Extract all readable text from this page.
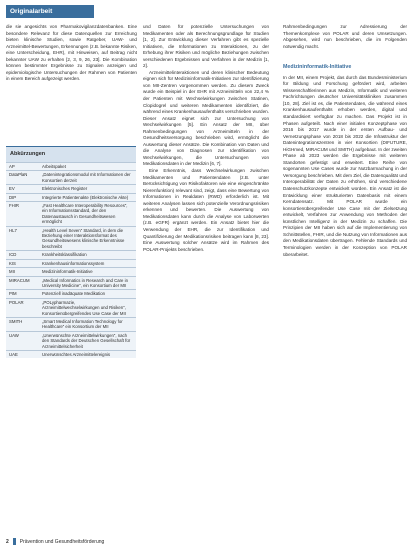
Originalarbeit

die sie angesichts von Pharmakovigilanzdatenbanken. Eine besondere Relevanz für diese Datenquellen zur Erreichung bieten klinische Studien, sowie Ratgeber, UAW- und Arzneimittel-Bewertungen, Erkennungen (z.B. bekannte Risiken, eine Unterscheidung, EHR), mit Hinweisen, auf Beitrag nicht bekannter UAW zu erhalten [2, 3, 9, 26, 23]. Die Kombination können bestimmter Ergebnisse zu Signalen anzeigen und epidemiologische Untersuchungen der Rahmen von Patienten in einem Bereich aufgezeigt werden.

Abkürzungen
AP	Arbeitspaket
DataPlaN	„Datenintegrationsmodul mit Informationen der Konsortien derzeit
EV	Elektronisches Register
DIP	Integrierte Patientenakte (Elektronische Akte)
FHIR	„Fast Healthcare Interoperability Resources“, ein Informationsstandard, der den Datenaustausch in Gesundheitswesen ermöglicht
HL7	„Health Level Seven“ Standard, in dem die Beziehung einer Interaktionsformat des Gesundheitswesens klinische Erkenntnisse beschreibt
ICD	Krankheitsklassifikation
KIS	Krankenhausinformationssystem
MII	Medizininformatik-Initiative
MIRACUM	„Medical Informatics in Research and Care in University Medicine“, ein Konsortium der MII
PIM	Potenziell inadäquate Medikation
POLAR	„POLypharmazie, Arzneimittelwechselwirkungen und Risiken“, Konsortienübergreifendes Use Case der MII
SMITH	„Smart Medical Information Technology for Healthcare“ ein Konsortium der MII
UAW	„Unerwünschte Arzneimittelwirkungen“, nach den Standards der Deutschen Gesellschaft für Arzneimittelsicherheit
UAE	Unerwünschtes Arzneimittelereignis

und Daten für potenzielle Untersuchungen von Medikamenten oder als Berechnungsgrundlage für Studien [1, 2]. Zur Entwicklung dieser Verfahren gibt es spezielle Initiativen, die Informationen zu Interaktionen, zu der Erhebung ihrer Risiken und mögliche Beziehungen zwischen verschiedenen Ergebnissen und Verfahren in der Medizin [1, 2].

Arzneimittelinteraktionen und deren klinischer Bedeutung eignen sich für Medizininformatik-Initiativen zur Identifizierung von MII-Zentren vorgenommen werden. Zu diesem Zweck wurde ein Beispiel in der EHR mit Arzneimitteln von 22,4 % der Patienten mit Wechselwirkungen zwischen Statinen, Clopidogrel und weiteren Medikamenten identifiziert, die während eines Krankenhausaufenthalts verschrieben wurden. Dieser Ansatz eignet sich zur Untersuchung von Wechselwirkungen [5]. Ein Ansatz der MII, über Rahmenbedingungen von Arzneimitteln in der Gesundheitsversorgung beschrieben wird, ermöglicht die Auswertung dieser Ansätze. Die Kombination von Daten und die Analyse von Diagnosen zur Identifikation von Wechselwirkungen, die Untersuchungen von Medikationsdaten in der Medizin [6, 7].

Eine Erkenntnis, dass Wechselwirkungen zwischen Medikamenten und Patientendaten (z.B. unter Berücksichtigung von Risikofaktoren wie eine eingeschränkte Nierenfunktion) relevant sind, zeigt, dass eine Bewertung von Informationen in Realdaten (RWD) erforderlich ist. Mit weiteren Analysen lassen sich potenzielle Verordnungsrisiken erkennen und bewerten. Die Auswertung von Medikationsdaten kann durch die Analyse von Laborwerten (z.B. eGFR) ergänzt werden. Ein Ansatz bietet hier die Verwendung der EHR, die zur Identifikation und Quantifizierung der Medikationsrisiken beitragen kann [8, 23]. Eine Auswertung solcher Ansätze wird im Rahmen des POLAR-Projekts beschrieben.

Rahmenbedingungen zur Adressierung der Themenkomplexe von POLAR und deren Umsetzungen. Abgesehen, wird nun beschrieben, die im Folgenden notwendig macht.

Medizininformatik-Initiative

In der MII, einem Projekt, das durch das Bundesministerium für Bildung und Forschung gefördert wird, arbeiten Wissenschaftlerinnen aus Medizin, Informatik und weiteren Fachrichtungen deutscher Universitätskliniken zusammen [10, 28]. Ziel ist es, die Patientendaten, die während eines Krankenhausaufenthalts erhoben werden, digital und standardisiert verfügbar zu machen. Das Projekt ist in Phasen aufgeteilt. Nach einer initialen Konzeptphase von 2016 bis 2017 wurde in der ersten Aufbau- und Vernetzungsphase von 2018 bis 2022 die Infrastruktur der Datenintegrationszentren in vier Konsortien (DIFUTURE, HiGHmed, MIRACUM und SMITH) aufgebaut. In der zweiten Phase ab 2023 werden die Ergebnisse mit weiteren Standorten gefestigt und erweitert. Eine Reihe von sogenannten Use Cases wurde zur Nutzbarmachung in der Versorgung beschrieben. Mit dem Ziel, die Datenqualität und Interoperabilität der Daten zu erhöhen, sind verschiedene Datenschutzkonzepte entwickelt worden. Ein Ansatz ist die Entwicklung einer strukturierten Datenbasis mit einem Kerndatensatz. Mit POLAR wurde ein konsortienübergreifender Use Case mit der Zielsetzung entwickelt, Verfahren zur Anwendung von Methoden der künstlichen Intelligenz in der Medizin zu schaffen. Die Prinzipien der MII haben sich auf die Implementierung von Schnittstellen, FHIR, und die Nutzung von Informationen aus den Medikationsdaten übertragen. Fehlende Standards und Terminologien werden in der Konzeption von POLAR überarbeitet.

2 Prävention und Gesundheitsförderung
